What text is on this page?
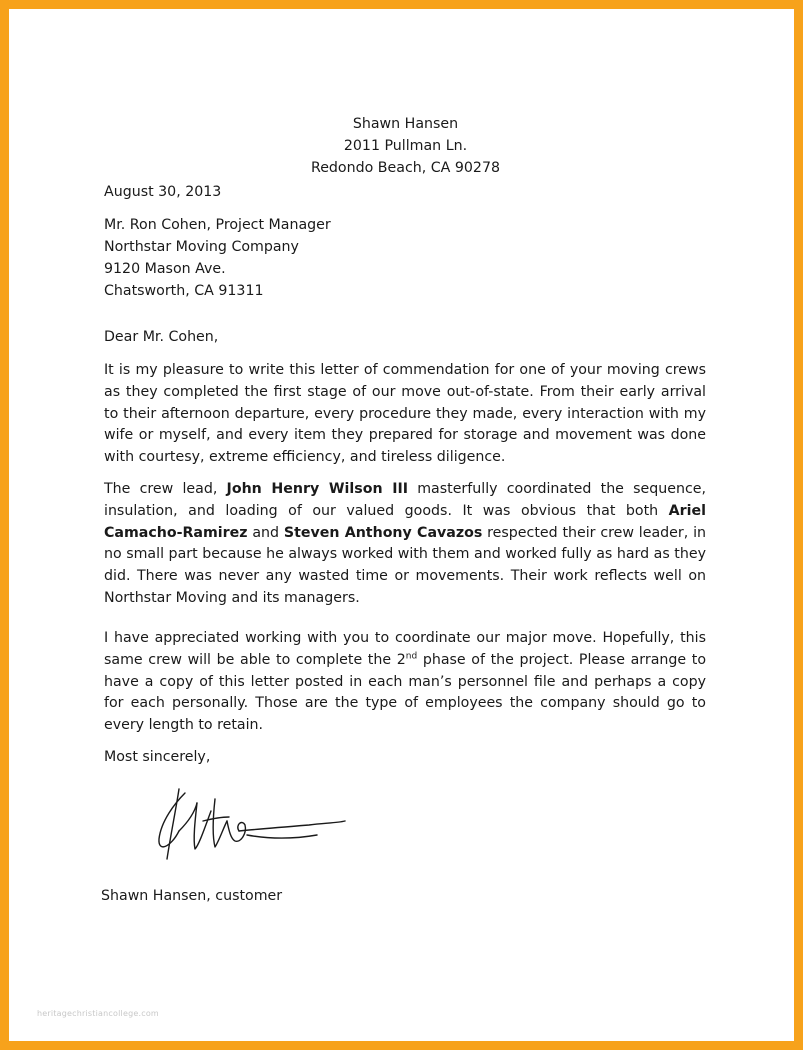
Shawn Hansen
2011 Pullman Ln.
Redondo Beach, CA 90278
August 30, 2013
Mr. Ron Cohen, Project Manager
Northstar Moving Company
9120 Mason Ave.
Chatsworth, CA 91311
Dear Mr. Cohen,
It is my pleasure to write this letter of commendation for one of your moving crews as they completed the first stage of our move out-of-state. From their early arrival to their afternoon departure, every procedure they made, every interaction with my wife or myself, and every item they prepared for storage and movement was done with courtesy, extreme efficiency, and tireless diligence.
The crew lead, John Henry Wilson III masterfully coordinated the sequence, insulation, and loading of our valued goods. It was obvious that both Ariel Camacho-Ramirez and Steven Anthony Cavazos respected their crew leader, in no small part because he always worked with them and worked fully as hard as they did. There was never any wasted time or movements. Their work reflects well on Northstar Moving and its managers.
I have appreciated working with you to coordinate our major move. Hopefully, this same crew will be able to complete the 2nd phase of the project. Please arrange to have a copy of this letter posted in each man’s personnel file and perhaps a copy for each personally. Those are the type of employees the company should go to every length to retain.
Most sincerely,
Shawn Hansen, customer
heritagechristiancollege.com
